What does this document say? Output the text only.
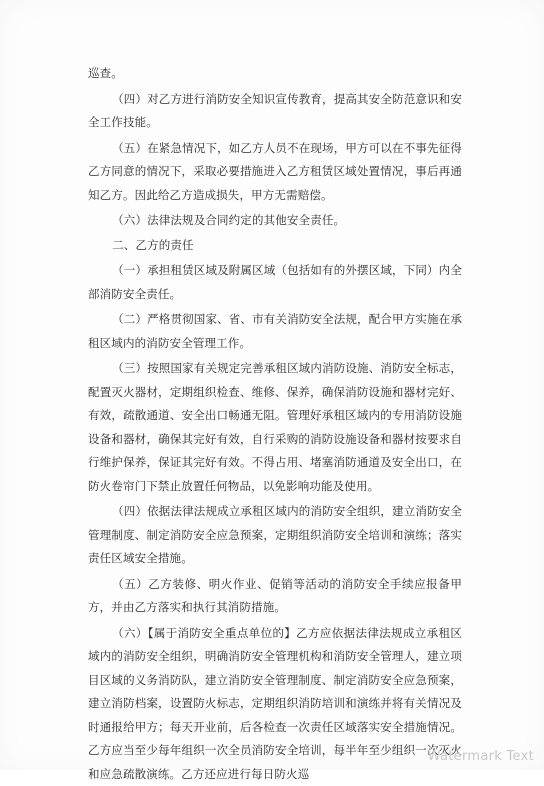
巡查。

（四）对乙方进行消防安全知识宣传教育，提高其安全防范意识和安全工作技能。

（五）在紧急情况下，如乙方人员不在现场，甲方可以在不事先征得乙方同意的情况下，采取必要措施进入乙方租赁区域处置情况，事后再通知乙方。因此给乙方造成损失，甲方无需赔偿。

（六）法律法规及合同约定的其他安全责任。

二、乙方的责任

（一）承担租赁区域及附属区域（包括如有的外摆区域，下同）内全部消防安全责任。

（二）严格贯彻国家、省、市有关消防安全法规，配合甲方实施在承租区域内的消防安全管理工作。

（三）按照国家有关规定完善承租区域内消防设施、消防安全标志，配置灭火器材，定期组织检查、维修、保养，确保消防设施和器材完好、有效，疏散通道、安全出口畅通无阻。管理好承租区域内的专用消防设施设备和器材，确保其完好有效，自行采购的消防设施设备和器材按要求自行维护保养，保证其完好有效。不得占用、堵塞消防通道及安全出口，在防火卷帘门下禁止放置任何物品，以免影响功能及使用。

（四）依据法律法规成立承租区域内的消防安全组织，建立消防安全管理制度、制定消防安全应急预案，定期组织消防安全培训和演练；落实责任区域安全措施。

（五）乙方装修、明火作业、促销等活动的消防安全手续应报备甲方，并由乙方落实和执行其消防措施。

（六）【属于消防安全重点单位的】乙方应依据法律法规成立承租区域内的消防安全组织，明确消防安全管理机构和消防安全管理人，建立项目区域的义务消防队，建立消防安全管理制度、制定消防安全应急预案，建立消防档案，设置防火标志，定期组织消防培训和演练并将有关情况及时通报给甲方；每天开业前，后各检查一次责任区域落实安全措施情况。乙方应当至少每年组织一次全员消防安全培训，每半年至少组织一次灭火和应急疏散演练。乙方还应进行每日防火巡

Watermark Text
